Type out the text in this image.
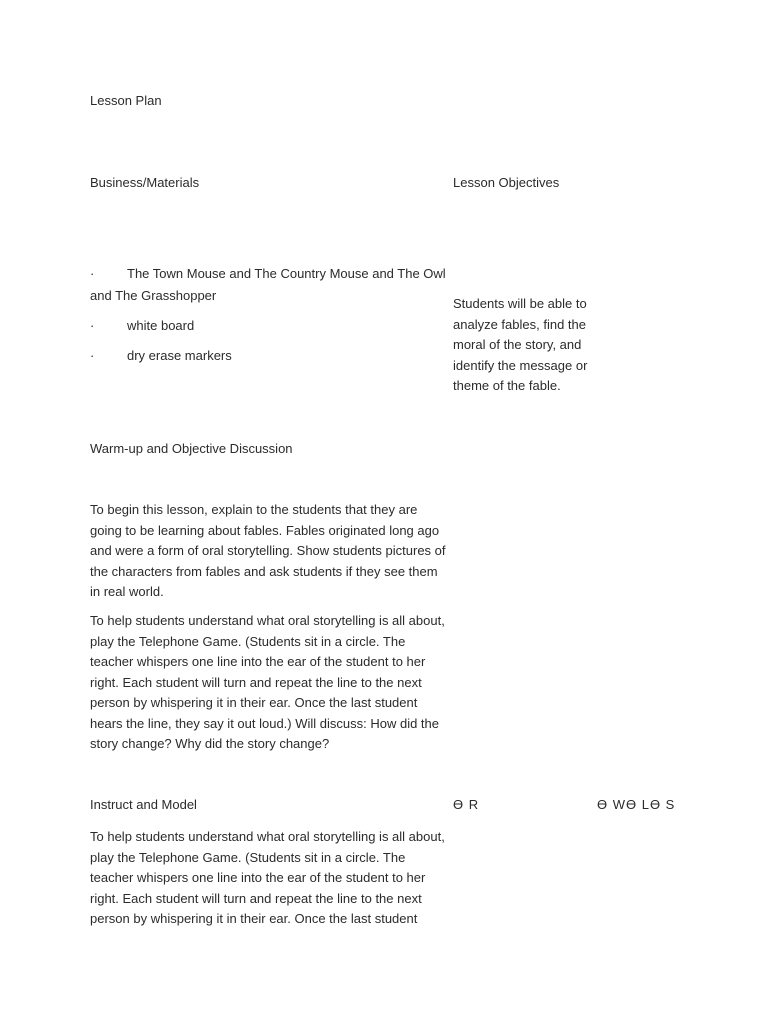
Lesson Plan
Business/Materials	Lesson Objectives
·	The Town Mouse and The Country Mouse and The Owl
and The Grasshopper
·	white board
·	dry erase markers

Students will be able to

analyze fables, find the

moral of the story, and

identify the message or

theme of the fable.

Warm-up and Objective Discussion

To begin this lesson, explain to the students that they are

going to be learning about fables. Fables originated long ago

and were a form of oral storytelling. Show students pictures of

the characters from fables and ask students if they see them

in real world.

To help students understand what oral storytelling is all about,

play the Telephone Game. (Students sit in a circle. The

teacher whispers one line into the ear of the student to her

right. Each student will turn and repeat the line to the next

person by whispering it in their ear. Once the last student

hears the line, they say it out loud.) Will discuss: How did the

story change? Why did the story change?

Instruct and Model	ϴ R	ϴ Wϴ Lϴ S

To help students understand what oral storytelling is all about,

play the Telephone Game. (Students sit in a circle. The

teacher whispers one line into the ear of the student to her

right. Each student will turn and repeat the line to the next

person by whispering it in their ear. Once the last student
